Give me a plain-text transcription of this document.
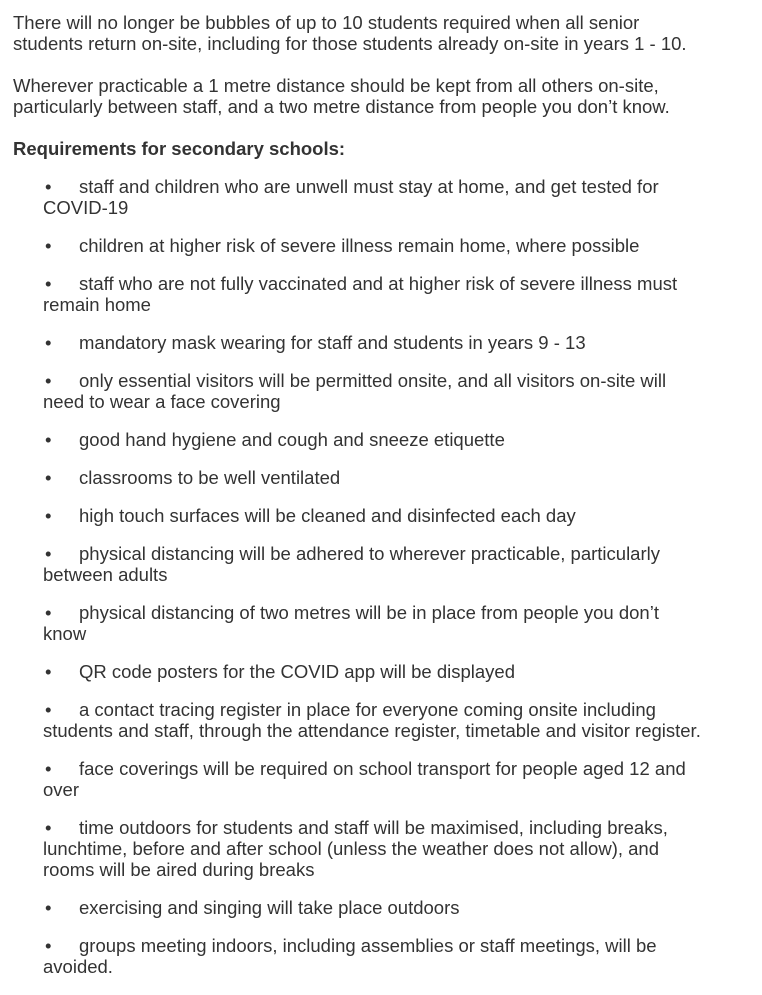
There will no longer be bubbles of up to 10 students required when all senior
students return on-site, including for those students already on-site in years 1 - 10.

Wherever practicable a 1 metre distance should be kept from all others on-site,
particularly between staff, and a two metre distance from people you don’t know.

Requirements for secondary schools:

• staff and children who are unwell must stay at home, and get tested for
COVID-19
• children at higher risk of severe illness remain home, where possible
• staff who are not fully vaccinated and at higher risk of severe illness must
remain home
• mandatory mask wearing for staff and students in years 9 - 13
• only essential visitors will be permitted onsite, and all visitors on-site will
need to wear a face covering
• good hand hygiene and cough and sneeze etiquette
• classrooms to be well ventilated
• high touch surfaces will be cleaned and disinfected each day
• physical distancing will be adhered to wherever practicable, particularly
between adults
• physical distancing of two metres will be in place from people you don’t
know
• QR code posters for the COVID app will be displayed
• a contact tracing register in place for everyone coming onsite including
students and staff, through the attendance register, timetable and visitor register.
• face coverings will be required on school transport for people aged 12 and
over
• time outdoors for students and staff will be maximised, including breaks,
lunchtime, before and after school (unless the weather does not allow), and
rooms will be aired during breaks
• exercising and singing will take place outdoors
• groups meeting indoors, including assemblies or staff meetings, will be
avoided.
